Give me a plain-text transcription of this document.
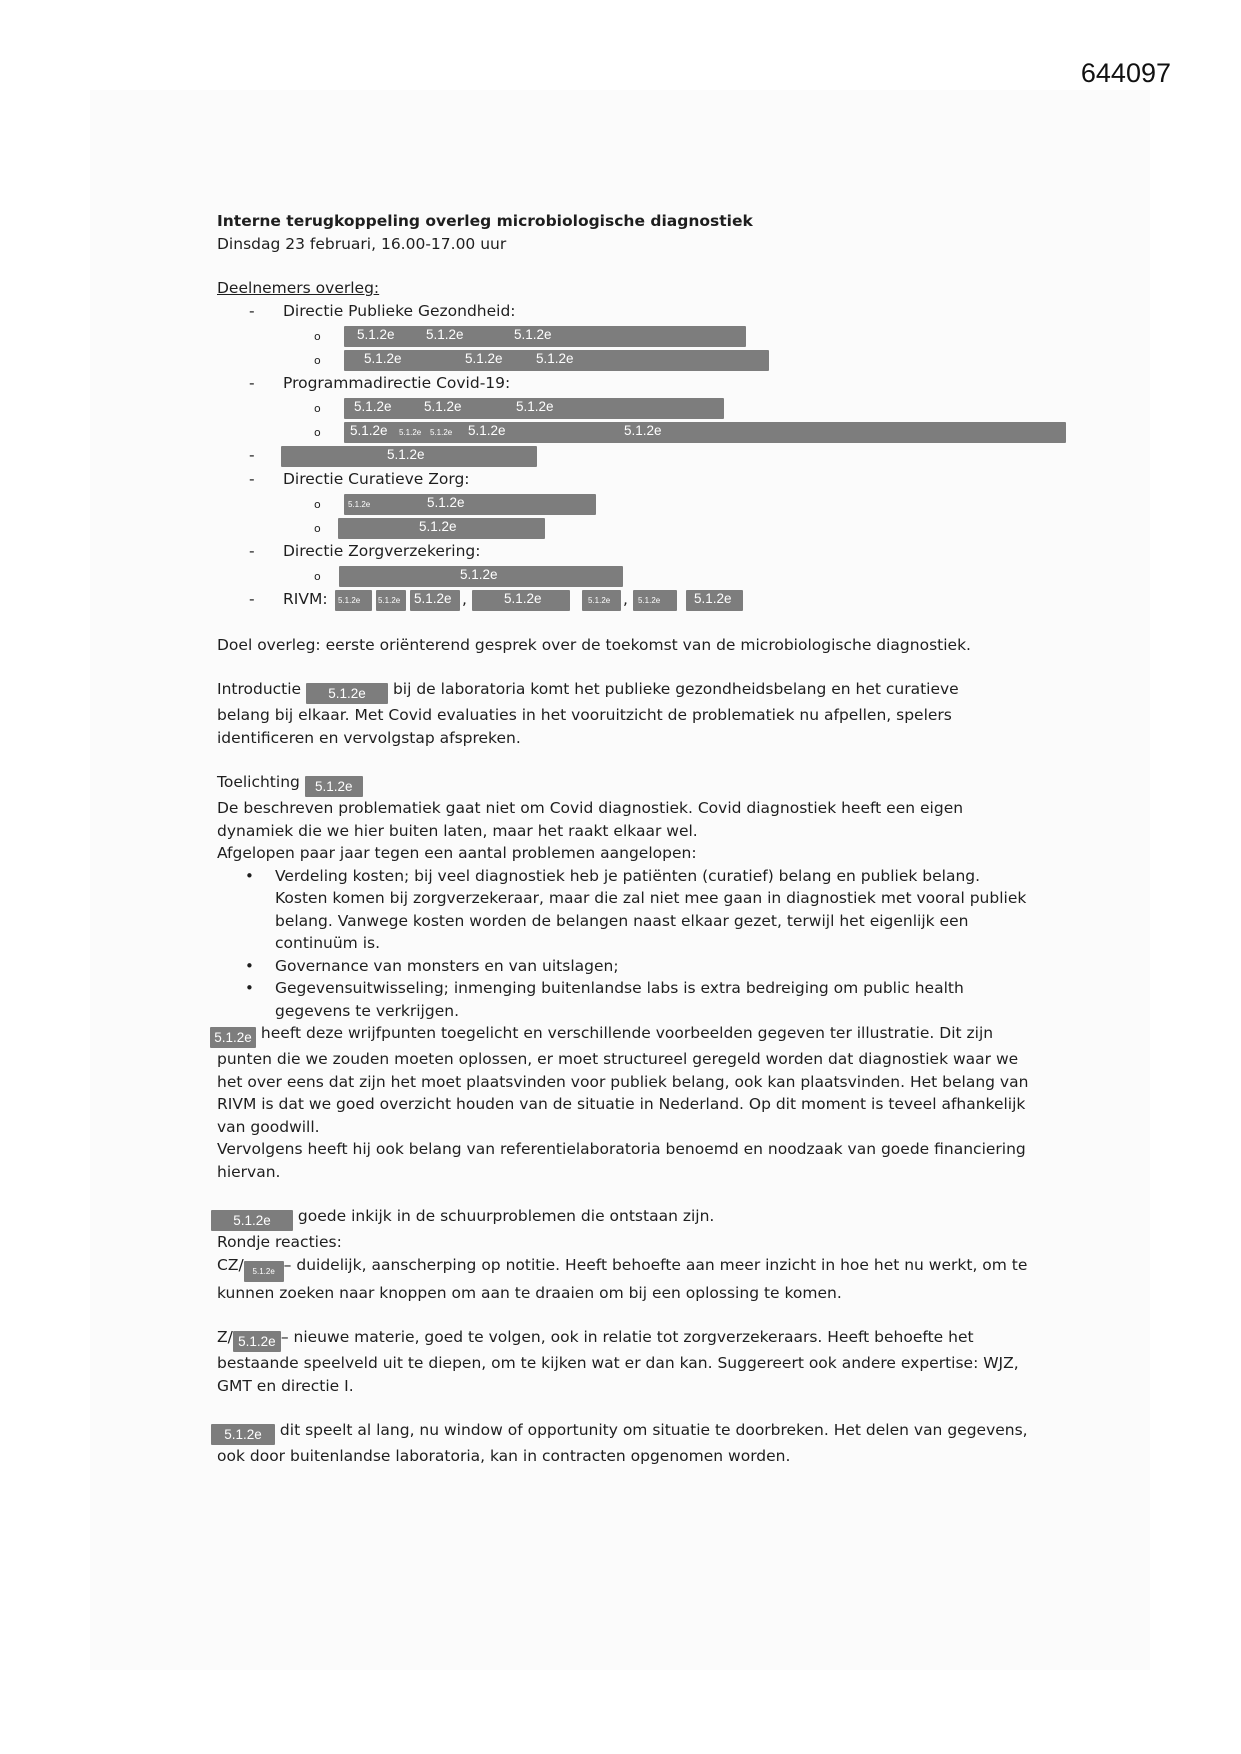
644097
Interne terugkoppeling overleg microbiologische diagnostiek
Dinsdag 23 februari, 16.00-17.00 uur
Deelnemers overleg:
- Directie Publieke Gezondheid:
o	5.1.2e 5.1.2e	5.1.2e
o	5.1.2e	5.1.2e 5.1.2e
- Programmadirectie Covid-19:
o 5.1.2e 5.1.2e	5.1.2e
o 5.1.2e 5.1.2e 5.1.2e 5.1.2e	5.1.2e
-	5.1.2e
- Directie Curatieve Zorg:
o	5.1.2e	5.1.2e
o	5.1.2e
- Directie Zorgverzekering:
o	5.1.2e
- RIVM: 5.1.2e 5.1.2e 5.1.2e ,	5.1.2e	5.1.2e , 5.1.2e	5.1.2e

Doel overleg: eerste oriënterend gesprek over de toekomst van de microbiologische diagnostiek.

Introductie 5.1.2e bij de laboratoria komt het publieke gezondheidsbelang en het curatieve
belang bij elkaar. Met Covid evaluaties in het vooruitzicht de problematiek nu afpellen, spelers
identificeren en vervolgstap afspreken.

Toelichting 5.1.2e

De beschreven problematiek gaat niet om Covid diagnostiek. Covid diagnostiek heeft een eigen dynamiek die we hier buiten laten, maar het raakt elkaar wel.

Afgelopen paar jaar tegen een aantal problemen aangelopen:

• Verdeling kosten; bij veel diagnostiek heb je patiënten (curatief) belang en publiek belang. Kosten komen bij zorgverzekeraar, maar die zal niet mee gaan in diagnostiek met vooral publiek belang. Vanwege kosten worden de belangen naast elkaar gezet, terwijl het eigenlijk een continuüm is.
• Governance van monsters en van uitslagen;
• Gegevensuitwisseling; inmenging buitenlandse labs is extra bedreiging om public health gegevens te verkrijgen.

5.1.2e heeft deze wrijfpunten toegelicht en verschillende voorbeelden gegeven ter illustratie. Dit zijn punten die we zouden moeten oplossen, er moet structureel geregeld worden dat diagnostiek waar we het over eens dat zijn het moet plaatsvinden voor publiek belang, ook kan plaatsvinden. Het belang van RIVM is dat we goed overzicht houden van de situatie in Nederland. Op dit moment is teveel afhankelijk van goodwill.

Vervolgens heeft hij ook belang van referentielaboratoria benoemd en noodzaak van goede financiering hiervan.

5.1.2e goede inkijk in de schuurproblemen die ontstaan zijn.

Rondje reacties:

CZ/ 5.1.2e – duidelijk, aanscherping op notitie. Heeft behoefte aan meer inzicht in hoe het nu werkt, om te kunnen zoeken naar knoppen om aan te draaien om bij een oplossing te komen.

Z/ 5.1.2e – nieuwe materie, goed te volgen, ook in relatie tot zorgverzekeraars. Heeft behoefte het bestaande speelveld uit te diepen, om te kijken wat er dan kan. Suggereert ook andere expertise: WJZ, GMT en directie I.

5.1.2e dit speelt al lang, nu window of opportunity om situatie te doorbreken. Het delen van gegevens, ook door buitenlandse laboratoria, kan in contracten opgenomen worden.
